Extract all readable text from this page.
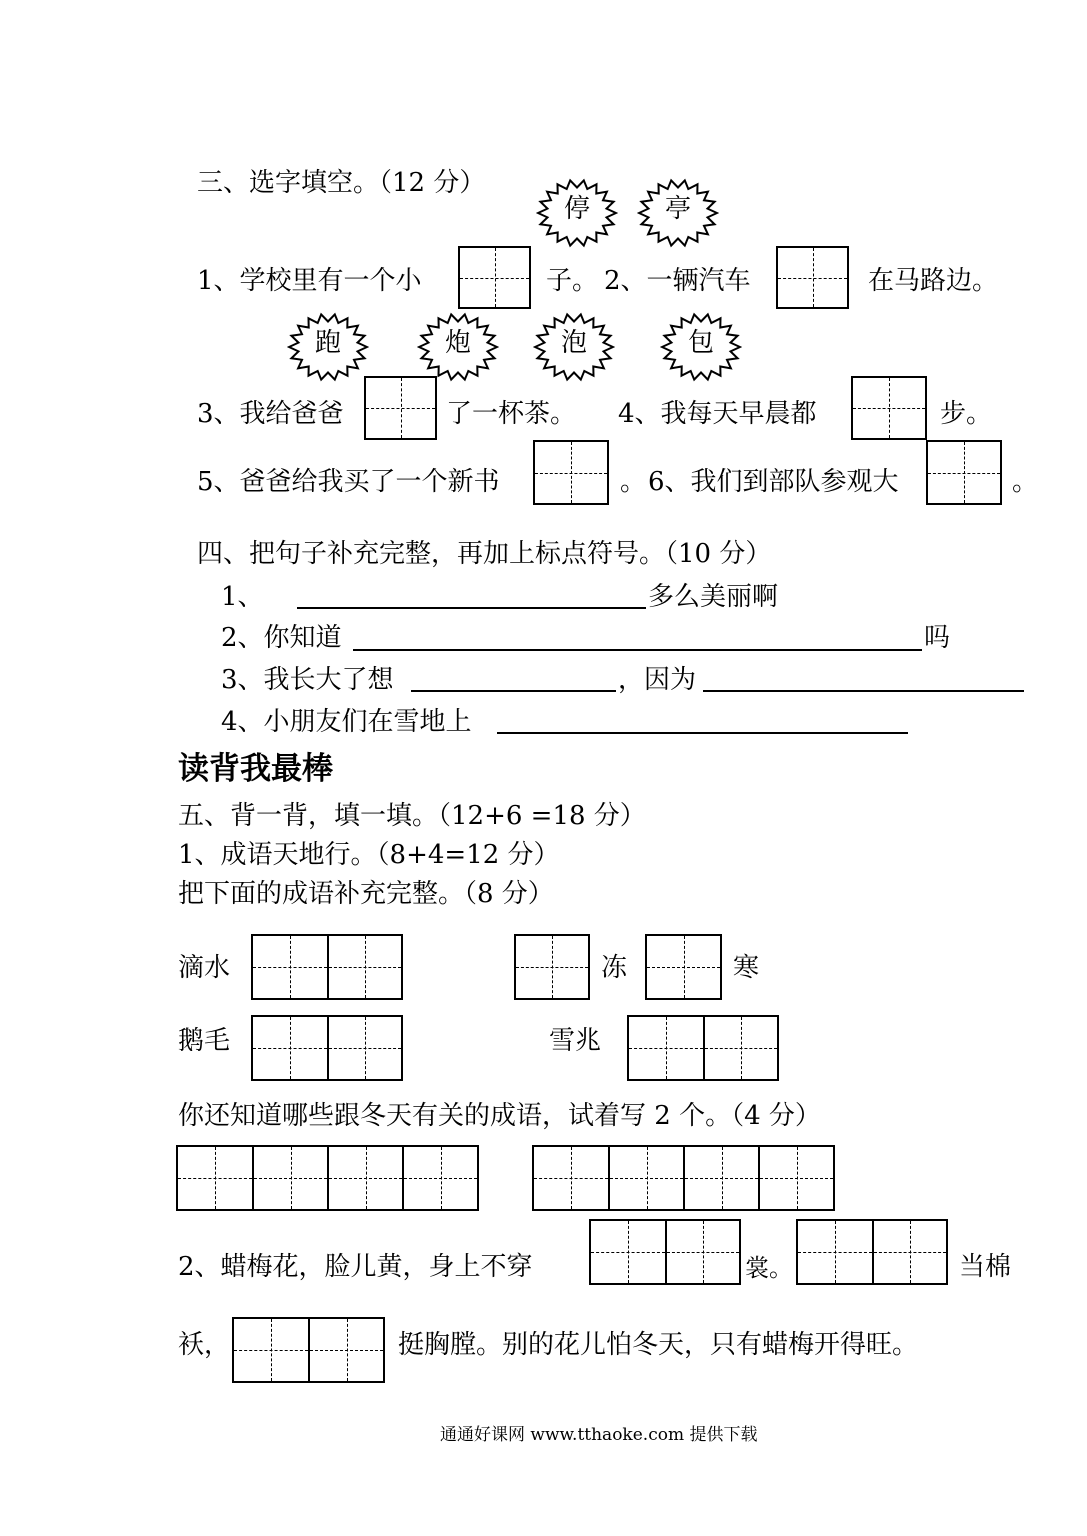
三、选字填空。（12 分）
停	亭
1、学校里有一个小	子。 2、一辆汽车	在马路边。
跑	炮	泡	包
3、我给爸爸	了一杯茶。 4、我每天早晨都	步。
5、爸爸给我买了一个新书	。 6、我们到部队参观大	。
四、把句子补充完整，再加上标点符号。（10 分）
1、	多么美丽啊
2、你知道	吗
3、我长大了想	，因为
4、小朋友们在雪地上
读背我最棒
五、背一背，填一填。（12+6 =18 分）
1、成语天地行。（8+4=12 分）
把下面的成语补充完整。（8 分）
滴水	冻	寒
鹅毛	雪兆
你还知道哪些跟冬天有关的成语，试着写 2 个。（4 分）
2、蜡梅花，脸儿黄，身上不穿	裳。	当棉
袄，	挺胸膛。别的花儿怕冬天，只有蜡梅开得旺。
通通好课网 www.tthaoke.com 提供下载
